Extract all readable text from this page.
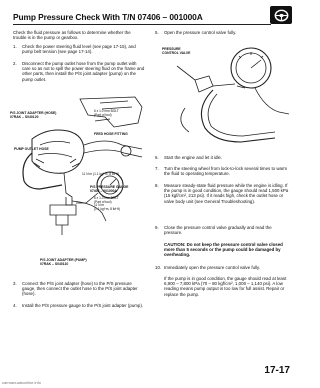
Pump Pressure Check With T/N 07406 – 001000A
Check the fluid pressure as follows to determine whether the trouble is in the pump or gearbox.
1.	Check the power steering fluid level (see page 17-15), and pump belt tension (see page 17-14).
2.	Disconnect the pump outlet hose from the pump outlet with care so as not to spill the power steering fluid on the frame and other parts, then install the P/S joint adapter (pump) on the pump outlet.
P/S JOINT ADAPTER (HOSE)
07RAK – S040120
6 x 1.0 mm BOLT
(Part of tool)
FEED HOSE FITTING
PUMP OUTLET HOSE
11 N·m (1.1 kgf·m, 8 lbf·ft)
P/S PRESSURE GAUGE
07406 – 001000A
6 x 1.0 mm BOLT
(Part of tool)
11 N·m
(1.1 kgf·m, 8 lbf·ft)
P/S JOINT ADAPTER (PUMP)
07RAK – S040110
3.	Connect the P/S joint adapter (hose) to the P/S pressure gauge, then connect the outlet hose to the P/S joint adapter (hose).
4.	Install the P/S pressure gauge to the P/S joint adapter (pump).
5.	Open the pressure control valve fully.
PRESSURE
CONTROL VALVE
6.	Start the engine and let it idle.
7.	Turn the steering wheel from lock-to-lock several times to warm the fluid to operating temperature.
8.	Measure steady-state fluid pressure while the engine is idling. If the pump is in good condition, the gauge should read 1,500 kPa (15 kgf/cm², 213 psi). If it reads high, check the outlet hose or valve body unit (see General Troubleshooting).
9.	Close the pressure control valve gradually and read the pressure.
CAUTION: Do not keep the pressure control valve closed more than 5 seconds or the pump could be damaged by overheating.
10. Immediately open the pressure control valve fully.
If the pump is in good condition, the gauge should read at least 6,900 – 7,800 kPa (70 – 80 kgf/cm², 1,000 – 1,140 psi). A low reading means pump output is too low for full assist. Repair or replace the pump.
17-17
carmanualsonline.info
